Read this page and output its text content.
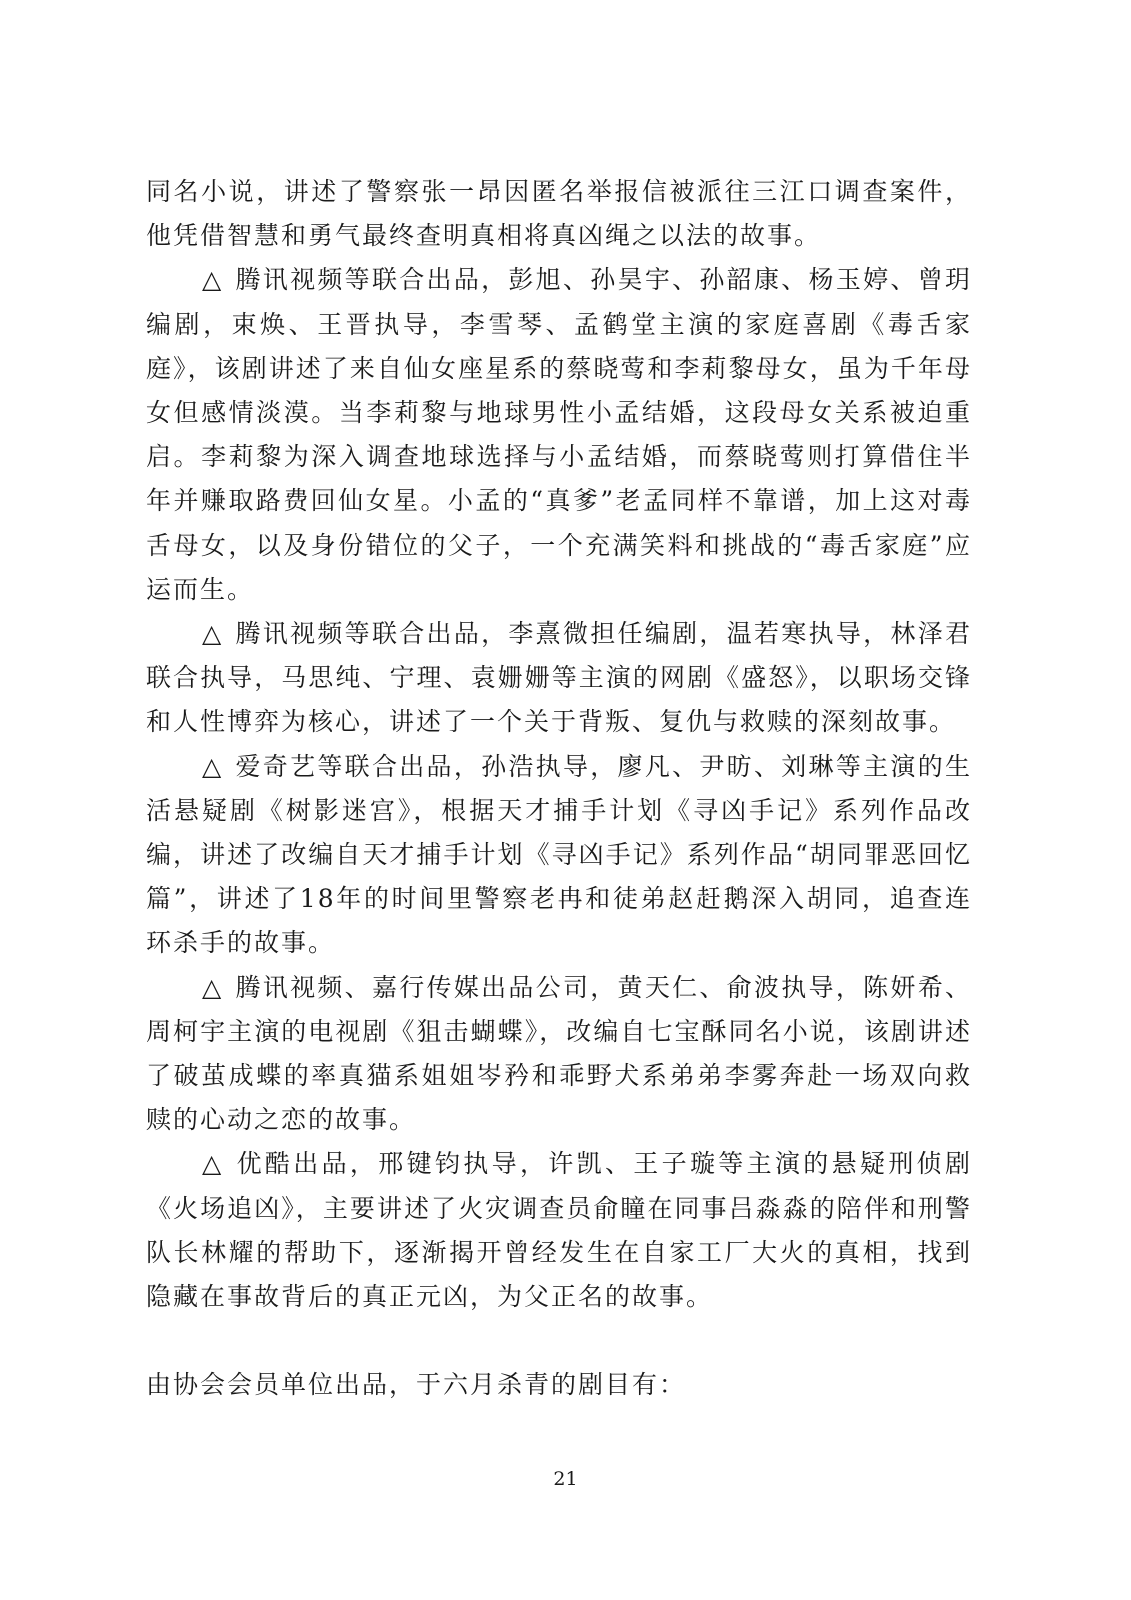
同名小说，讲述了警察张一昂因匿名举报信被派往三江口调查案件，他凭借智慧和勇气最终查明真相将真凶绳之以法的故事。

△ 腾讯视频等联合出品，彭旭、孙昊宇、孙韶康、杨玉婷、曾玥编剧，束焕、王晋执导，李雪琴、孟鹤堂主演的家庭喜剧《毒舌家庭》，该剧讲述了来自仙女座星系的蔡晓莺和李莉黎母女，虽为千年母女但感情淡漠。当李莉黎与地球男性小孟结婚，这段母女关系被迫重启。李莉黎为深入调查地球选择与小孟结婚，而蔡晓莺则打算借住半年并赚取路费回仙女星。小孟的“真爹”老孟同样不靠谱，加上这对毒舌母女，以及身份错位的父子，一个充满笑料和挑战的“毒舌家庭”应运而生。

△ 腾讯视频等联合出品，李熹微担任编剧，温若寒执导，林泽君联合执导，马思纯、宁理、袁姗姗等主演的网剧《盛怒》，以职场交锋和人性博弈为核心，讲述了一个关于背叛、复仇与救赎的深刻故事。

△ 爱奇艺等联合出品，孙浩执导，廖凡、尹昉、刘琳等主演的生活悬疑剧《树影迷宫》，根据天才捕手计划《寻凶手记》系列作品改编，讲述了改编自天才捕手计划《寻凶手记》系列作品“胡同罪恶回忆篇”，讲述了18年的时间里警察老冉和徒弟赵赶鹅深入胡同，追查连环杀手的故事。

△ 腾讯视频、嘉行传媒出品公司，黄天仁、俞波执导，陈妍希、周柯宇主演的电视剧《狙击蝴蝶》，改编自七宝酥同名小说，该剧讲述了破茧成蝶的率真猫系姐姐岑矜和乖野犬系弟弟李雾奔赴一场双向救赎的心动之恋的故事。

△ 优酷出品，邢键钧执导，许凯、王子璇等主演的悬疑刑侦剧《火场追凶》，主要讲述了火灾调查员俞瞳在同事吕淼淼的陪伴和刑警队长林耀的帮助下，逐渐揭开曾经发生在自家工厂大火的真相，找到隐藏在事故背后的真正元凶，为父正名的故事。

由协会会员单位出品，于六月杀青的剧目有：

21
